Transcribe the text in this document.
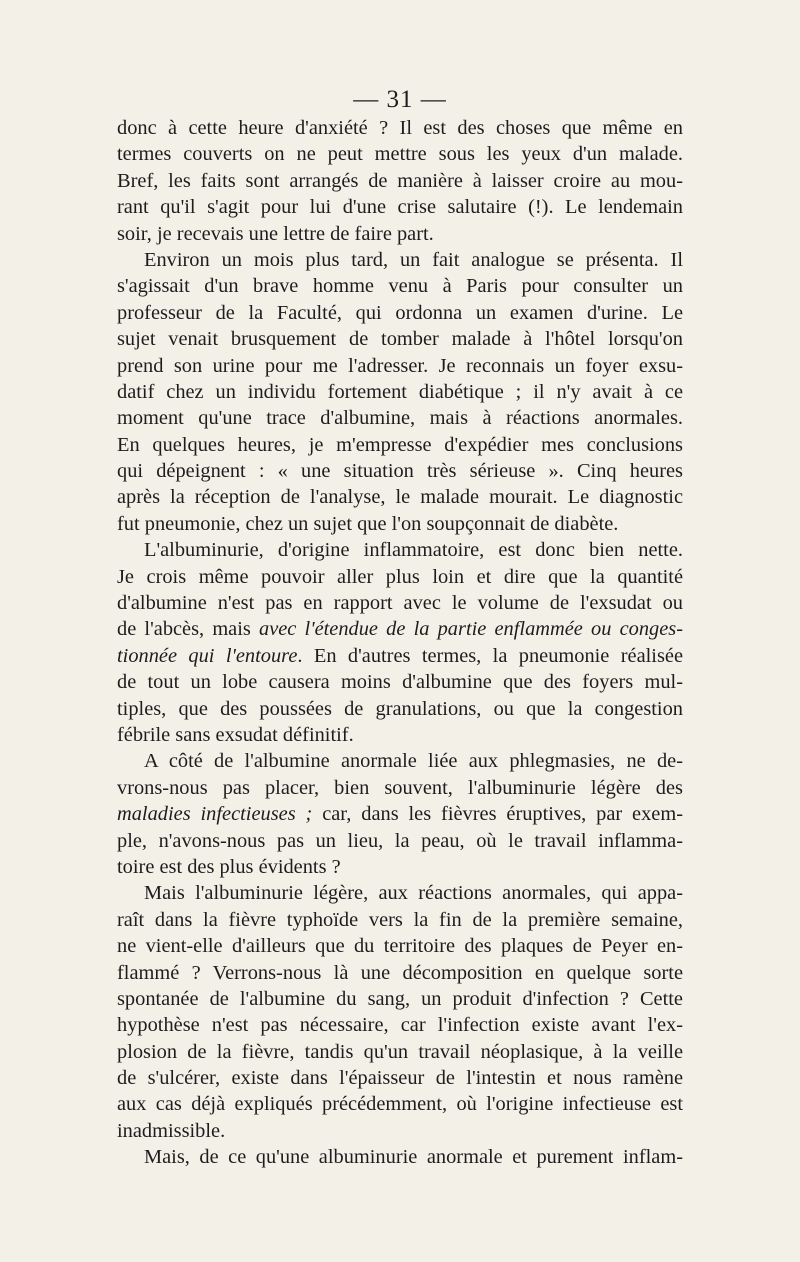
— 31 —
donc à cette heure d'anxiété ? Il est des choses que même en
termes couverts on ne peut mettre sous les yeux d'un malade.
Bref, les faits sont arrangés de manière à laisser croire au mou-
rant qu'il s'agit pour lui d'une crise salutaire (!). Le lendemain
soir, je recevais une lettre de faire part.
Environ un mois plus tard, un fait analogue se présenta. Il
s'agissait d'un brave homme venu à Paris pour consulter un
professeur de la Faculté, qui ordonna un examen d'urine. Le
sujet venait brusquement de tomber malade à l'hôtel lorsqu'on
prend son urine pour me l'adresser. Je reconnais un foyer exsu-
datif chez un individu fortement diabétique ; il n'y avait à ce
moment qu'une trace d'albumine, mais à réactions anormales.
En quelques heures, je m'empresse d'expédier mes conclusions
qui dépeignent : « une situation très sérieuse ». Cinq heures
après la réception de l'analyse, le malade mourait. Le diagnostic
fut pneumonie, chez un sujet que l'on soupçonnait de diabète.
L'albuminurie, d'origine inflammatoire, est donc bien nette.
Je crois même pouvoir aller plus loin et dire que la quantité
d'albumine n'est pas en rapport avec le volume de l'exsudat ou
de l'abcès, mais avec l'étendue de la partie enflammée ou conges-
tionnée qui l'entoure. En d'autres termes, la pneumonie réalisée
de tout un lobe causera moins d'albumine que des foyers mul-
tiples, que des poussées de granulations, ou que la congestion
fébrile sans exsudat définitif.
A côté de l'albumine anormale liée aux phlegmasies, ne de-
vrons-nous pas placer, bien souvent, l'albuminurie légère des
maladies infectieuses ; car, dans les fièvres éruptives, par exem-
ple, n'avons-nous pas un lieu, la peau, où le travail inflamma-
toire est des plus évidents ?
Mais l'albuminurie légère, aux réactions anormales, qui appa-
raît dans la fièvre typhoïde vers la fin de la première semaine,
ne vient-elle d'ailleurs que du territoire des plaques de Peyer en-
flammé ? Verrons-nous là une décomposition en quelque sorte
spontanée de l'albumine du sang, un produit d'infection ? Cette
hypothèse n'est pas nécessaire, car l'infection existe avant l'ex-
plosion de la fièvre, tandis qu'un travail néoplasique, à la veille
de s'ulcérer, existe dans l'épaisseur de l'intestin et nous ramène
aux cas déjà expliqués précédemment, où l'origine infectieuse est
inadmissible.
Mais, de ce qu'une albuminurie anormale et purement inflam-
